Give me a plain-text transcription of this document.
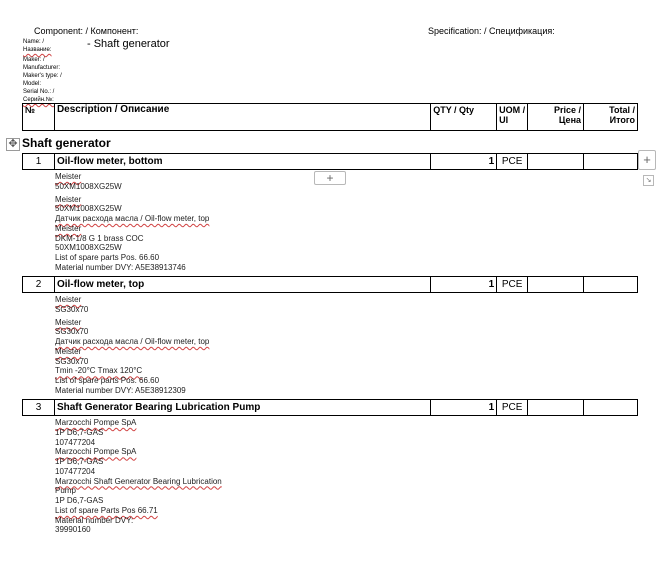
Component: / Компонент:
- Shaft generator
Specification: / Спецификация:
Name: /
Название:
Maker: /
Manufacturer:
Maker's type: /
Model:
Serial No.: /
Серийн.№:
№	Description / Описание	QTY / Qty	UOM / UI	Price / Цена	Total / Итого
✥ Shaft generator
+
+	↘
1	Oil-flow meter, bottom	1	PCE		
Meister
50XM1008XG25W
Meister
50XM1008XG25W
Датчик расхода масла / Oil-flow meter, top
Meister
DKM-1/8 G 1 brass COC
50XM1008XG25W
List of spare parts Pos. 66.60
Material number DVY: A5E38913746
2	Oil-flow meter, top	1	PCE		
Meister
SG30x70
Meister
SG30x70
Датчик расхода масла / Oil-flow meter, top
Meister
SG30x70
Tmin -20°C Tmax 120°C
List of spare parts Pos. 66.60
Material number DVY: A5E38912309
3	Shaft Generator Bearing Lubrication Pump	1	PCE		
Marzocchi Pompe SpA
1P D6,7-GAS
107477204
Marzocchi Pompe SpA
1P D6,7-GAS
107477204
Marzocchi Shaft Generator Bearing Lubrication
Pump
1P D6,7-GAS
List of spare Parts Pos 66.71
Material number DVY:
39990160
